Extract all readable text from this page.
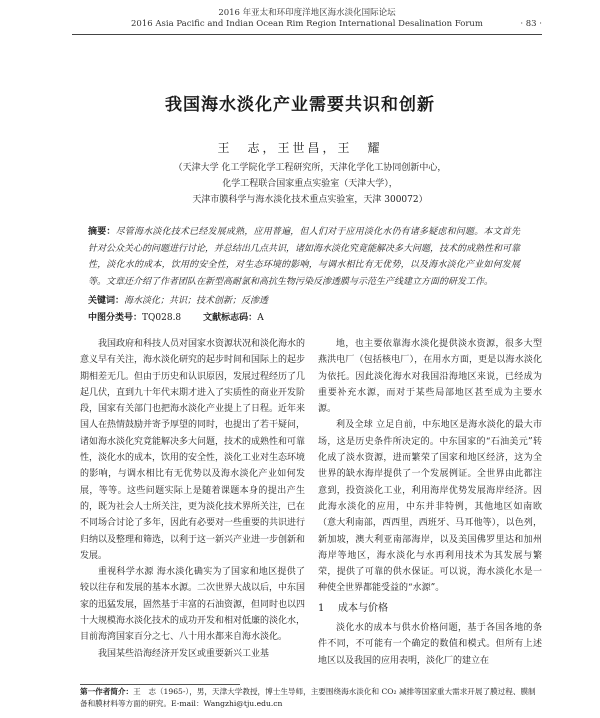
2016 年亚太和环印度洋地区海水淡化国际论坛
2016 Asia Pacific and Indian Ocean Rim Region International Desalination Forum	· 83 ·
我国海水淡化产业需要共识和创新
王　志，王世昌，王　耀
（天津大学 化工学院化学工程研究所，天津化学化工协同创新中心，
化学工程联合国家重点实验室（天津大学），
天津市膜科学与海水淡化技术重点实验室，天津 300072）
摘要：尽管海水淡化技术已经发展成熟，应用普遍，但人们对于应用淡化水仍有诸多疑虑和问题。本文首先针对公众关心的问题进行讨论，并总结出几点共识，诸如海水淡化究竟能解决多大问题，技术的成熟性和可靠性，淡化水的成本，饮用的安全性，对生态环境的影响，与调水相比有无优势，以及海水淡化产业如何发展等。文章还介绍了作者团队在新型高耐氯和高抗生物污染反渗透膜与示范生产线建立方面的研发工作。
关键词：海水淡化；共识；技术创新；反渗透
中图分类号：TQ028.8 文献标志码：A

我国政府和科技人员对国家水资源状况和淡化海水的意义早有关注，海水淡化研究的起步时间和国际上的起步期相差无几。但由于历史和认识原因，发展过程经历了几起几伏，直到九十年代末期才进入了实质性的商业开发阶段，国家有关部门也把海水淡化产业提上了日程。近年来国人在热情鼓励并寄予厚望的同时，也提出了若干疑问，诸如海水淡化究竟能解决多大问题，技术的成熟性和可靠性，淡化水的成本，饮用的安全性，淡化工业对生态环境的影响，与调水相比有无优势以及海水淡化产业如何发展，等等。这些问题实际上是随着课题本身的提出产生的，既为社会人士所关注，更为淡化技术界所关注，已在不同场合讨论了多年，因此有必要对一些重要的共识进行归纳以及整理和筛选，以利于这一新兴产业进一步创新和发展。

重视科学水源 海水淡化确实为了国家和地区提供了较以往存和发展的基本水源。二次世界大战以后，中东国家的迅猛发展，固然基于丰富的石油资源，但同时也以四十大规模海水淡化技术的成功开发和相对低廉的淡化水，目前海湾国家百分之七、八十用水都来自海水淡化。

我国某些沿海经济开发区或重要新兴工业基

地，也主要依靠海水淡化提供淡水资源，很多大型燕洪电厂（包括核电厂），在用水方面，更是以海水淡化为依托。因此淡化海水对我国沿海地区来说，已经成为重要补充水源，而对于某些局部地区甚至成为主要水源。

利及全球 立足自前，中东地区是海水淡化的最大市场，这是历史条件所决定的。中东国家的“石油美元”转化成了淡水资源，进而繁荣了国家和地区经济，这为全世界的缺水海岸提供了一个发展例证。全世界由此都注意到，投资淡化工业，利用海岸优势发展海岸经济。因此海水淡化的应用，中东并非特例，其他地区如南欧（意大利南部，西西里，西班牙、马耳他等），以色列，新加坡，澳大利亚南部海岸，以及美国佛罗里达和加州海岸等地区，海水淡化与水再利用技术为其发展与繁荣，提供了可靠的供水保证。可以说，海水淡化水是一种使全世界都能受益的“水源”。

1 成本与价格

淡化水的成本与供水价格问题，基于各国各地的条件不同，不可能有一个确定的数值和模式。但所有上述地区以及我国的应用表明，淡化厂的建立在

第一作者简介：王　志（1965-），男，天津大学教授，博士生导师，主要围绕海水淡化和 CO₂ 减排等国家重大需求开展了膜过程、膜制备和膜材料等方面的研究。E-mail：Wangzhi@tju.edu.cn
